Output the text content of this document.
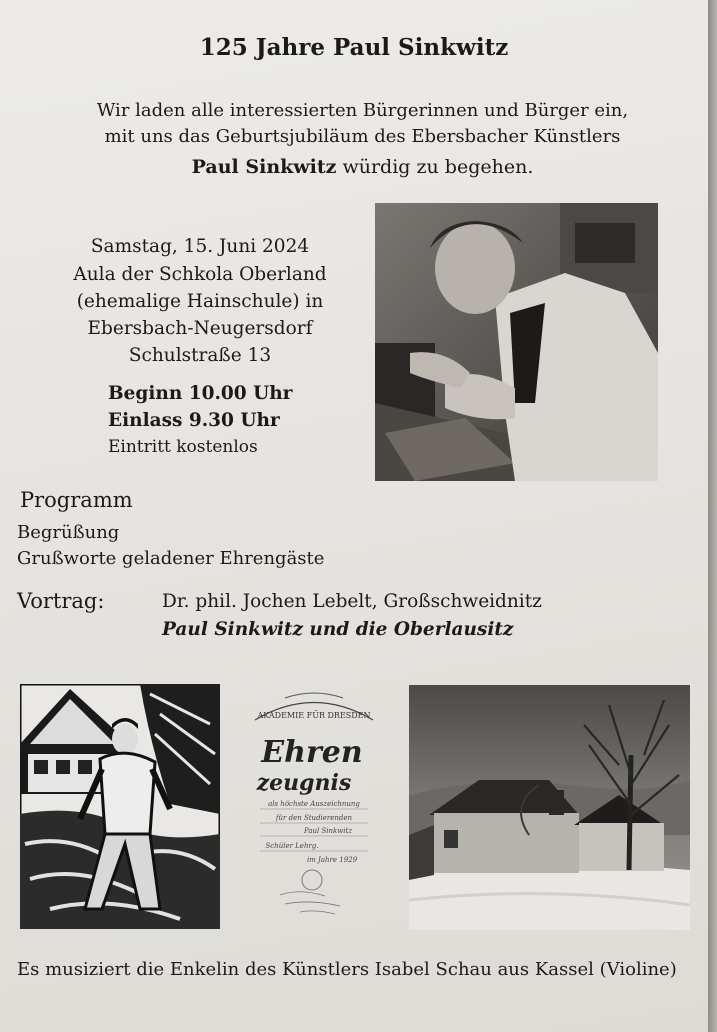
125 Jahre Paul Sinkwitz
Wir laden alle interessierten Bürgerinnen und Bürger ein,
mit uns das Geburtsjubiläum des Ebersbacher Künstlers
Paul Sinkwitz würdig zu begehen.
Samstag, 15. Juni 2024
Aula der Schkola Oberland
(ehemalige Hainschule) in
Ebersbach-Neugersdorf
Schulstraße 13
Beginn 10.00 Uhr
Einlass 9.30 Uhr
Eintritt kostenlos
Programm
Begrüßung
Grußworte geladener Ehrengäste
Vortrag:	Dr. phil. Jochen Lebelt, Großschweidnitz
Paul Sinkwitz und die Oberlausitz
AKADEMIE FÜR DRESDEN
Ehren
zeugnis
als höchste Auszeichnung
für den Studierenden
Paul Sinkwitz
Schüler Lehrg.
im Jahre 1929
Es musiziert die Enkelin des Künstlers Isabel Schau aus Kassel (Violine)
